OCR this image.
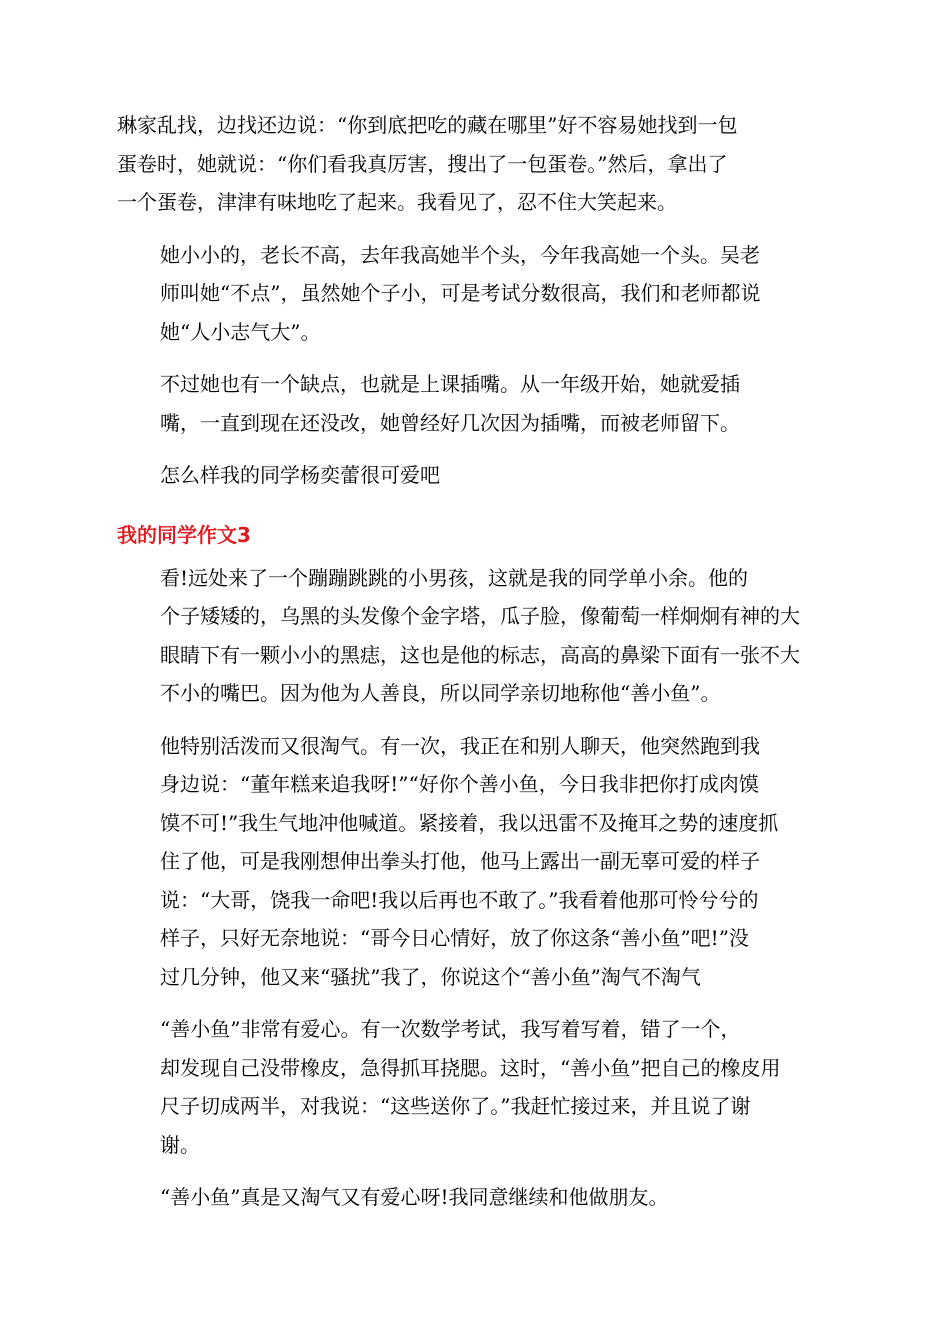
琳家乱找，边找还边说：“你到底把吃的藏在哪里”好不容易她找到一包
蛋卷时，她就说：“你们看我真厉害，搜出了一包蛋卷。”然后，拿出了
一个蛋卷，津津有味地吃了起来。我看见了，忍不住大笑起来。
她小小的，老长不高，去年我高她半个头，今年我高她一个头。吴老
师叫她“不点”，虽然她个子小，可是考试分数很高，我们和老师都说
她“人小志气大”。
不过她也有一个缺点，也就是上课插嘴。从一年级开始，她就爱插
嘴，一直到现在还没改，她曾经好几次因为插嘴，而被老师留下。
怎么样我的同学杨奕蕾很可爱吧
我的同学作文3
看!远处来了一个蹦蹦跳跳的小男孩，这就是我的同学单小余。他的
个子矮矮的，乌黑的头发像个金字塔，瓜子脸，像葡萄一样炯炯有神的大
眼睛下有一颗小小的黑痣，这也是他的标志，高高的鼻梁下面有一张不大
不小的嘴巴。因为他为人善良，所以同学亲切地称他“善小鱼”。
他特别活泼而又很淘气。有一次，我正在和别人聊天，他突然跑到我
身边说：“董年糕来追我呀!”“好你个善小鱼，今日我非把你打成肉馍
馍不可!”我生气地冲他喊道。紧接着，我以迅雷不及掩耳之势的速度抓
住了他，可是我刚想伸出拳头打他，他马上露出一副无辜可爱的样子
说：“大哥，饶我一命吧!我以后再也不敢了。”我看着他那可怜兮兮的
样子，只好无奈地说：“哥今日心情好，放了你这条“善小鱼”吧!”没
过几分钟，他又来“骚扰”我了，你说这个“善小鱼”淘气不淘气
“善小鱼”非常有爱心。有一次数学考试，我写着写着，错了一个，
却发现自己没带橡皮，急得抓耳挠腮。这时，“善小鱼”把自己的橡皮用
尺子切成两半，对我说：“这些送你了。”我赶忙接过来，并且说了谢
谢。
“善小鱼”真是又淘气又有爱心呀!我同意继续和他做朋友。
